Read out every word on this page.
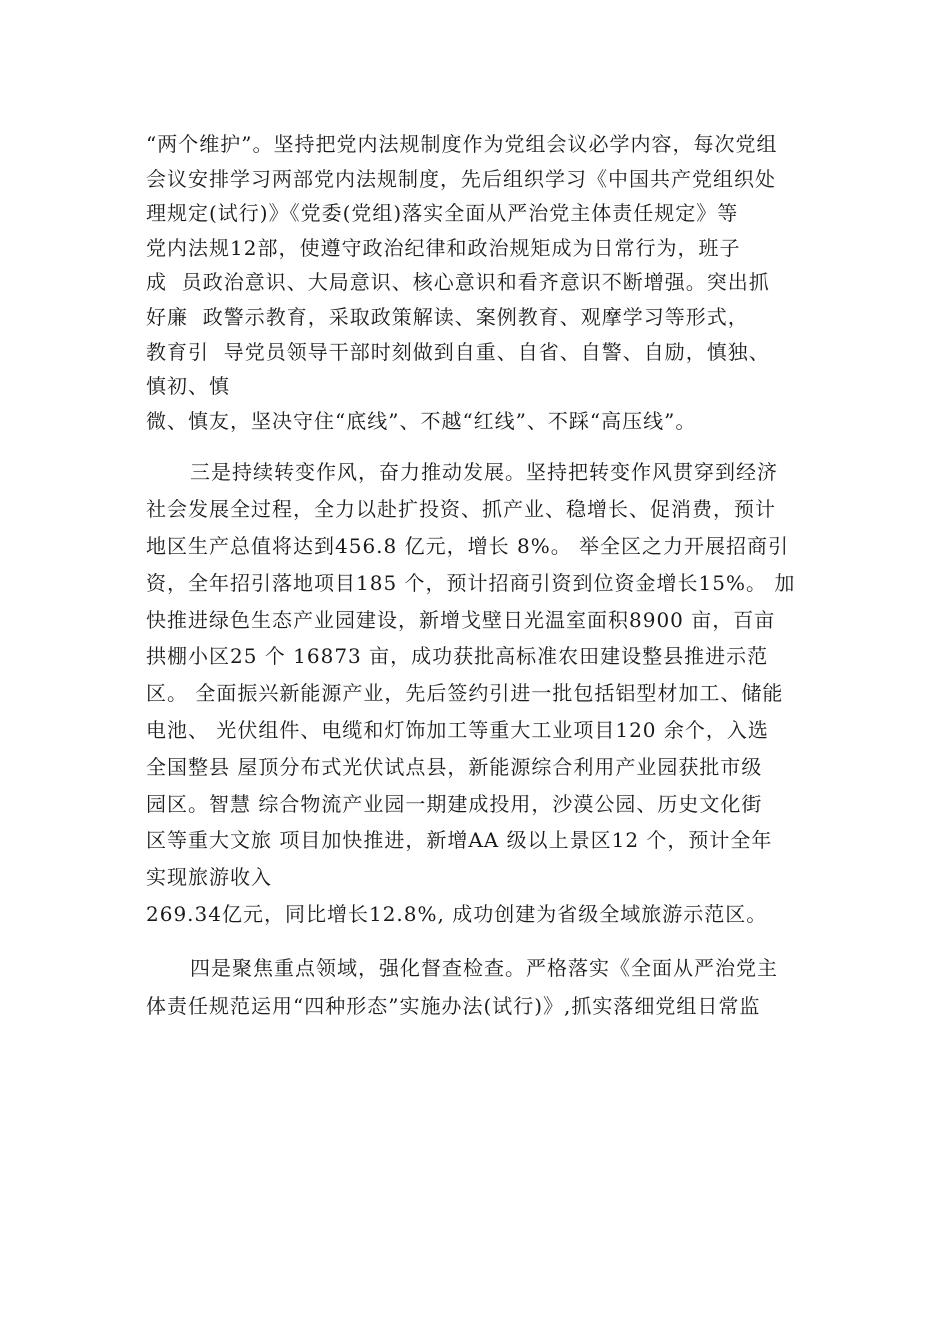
“两个维护”。坚持把党内法规制度作为党组会议必学内容，每次党组
会议安排学习两部党内法规制度，先后组织学习《中国共产党组织处
理规定(试行)》《党委(党组)落实全面从严治党主体责任规定》等
党内法规12部，使遵守政治纪律和政治规矩成为日常行为，班子
成  员政治意识、大局意识、核心意识和看齐意识不断增强。突出抓
好廉  政警示教育，采取政策解读、案例教育、观摩学习等形式，
教育引  导党员领导干部时刻做到自重、自省、自警、自励，慎独、
慎初、慎
微、慎友，坚决守住“底线”、不越“红线”、不踩“高压线”。
三是持续转变作风，奋力推动发展。坚持把转变作风贯穿到经济
社会发展全过程，全力以赴扩投资、抓产业、稳增长、促消费，预计
地区生产总值将达到456.8 亿元，增长 8%。 举全区之力开展招商引
资，全年招引落地项目185 个，预计招商引资到位资金增长15%。 加
快推进绿色生态产业园建设，新增戈壁日光温室面积8900 亩，百亩
拱棚小区25 个 16873 亩，成功获批高标准农田建设整县推进示范
区。 全面振兴新能源产业，先后签约引进一批包括铝型材加工、储能
电池、 光伏组件、电缆和灯饰加工等重大工业项目120 余个，入选
全国整县 屋顶分布式光伏试点县，新能源综合利用产业园获批市级
园区。智慧 综合物流产业园一期建成投用，沙漠公园、历史文化街
区等重大文旅 项目加快推进，新增AA 级以上景区12 个，预计全年
实现旅游收入
269.34亿元，同比增长12.8%, 成功创建为省级全域旅游示范区。
四是聚焦重点领域，强化督查检查。严格落实《全面从严治党主
体责任规范运用“四种形态”实施办法(试行)》,抓实落细党组日常监
